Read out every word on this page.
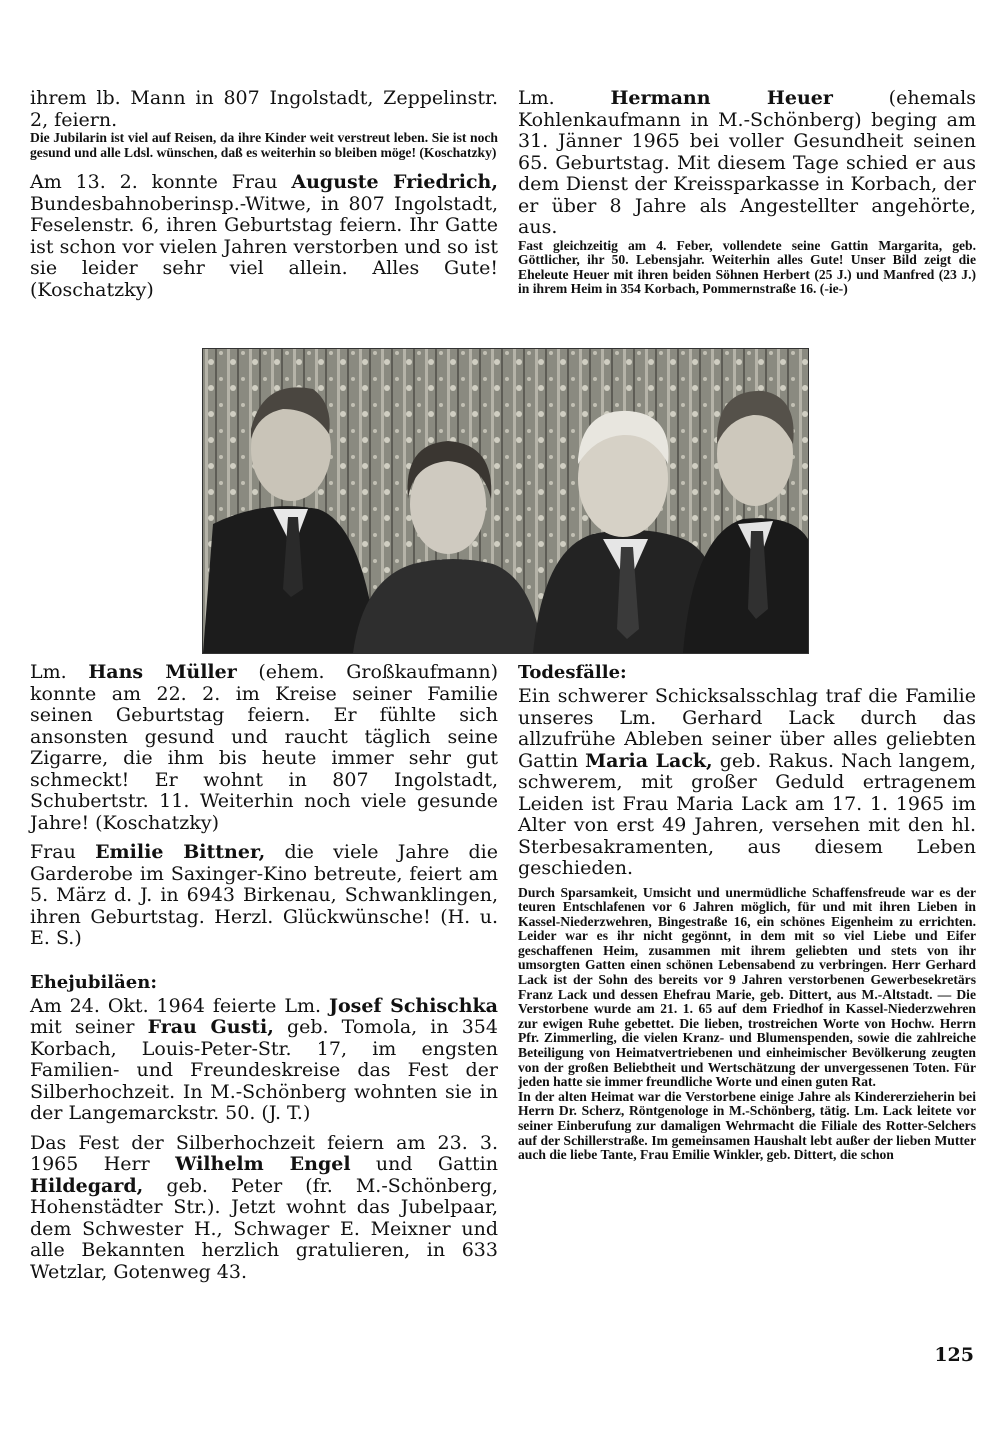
ihrem lb. Mann in 807 Ingolstadt, Zeppelinstr. 2, feiern.

Die Jubilarin ist viel auf Reisen, da ihre Kinder weit verstreut leben. Sie ist noch gesund und alle Ldsl. wünschen, daß es weiterhin so bleiben möge! (Koschatzky)

Am 13. 2. konnte Frau Auguste Friedrich, Bundesbahnoberinsp.-Witwe, in 807 Ingolstadt, Feselenstr. 6, ihren Geburtstag feiern. Ihr Gatte ist schon vor vielen Jahren verstorben und so ist sie leider sehr viel allein. Alles Gute! (Koschatzky)

Lm. Hermann Heuer (ehemals Kohlenkaufmann in M.-Schönberg) beging am 31. Jänner 1965 bei voller Gesundheit seinen 65. Geburtstag. Mit diesem Tage schied er aus dem Dienst der Kreissparkasse in Korbach, der er über 8 Jahre als Angestellter angehörte, aus.

Fast gleichzeitig am 4. Feber, vollendete seine Gattin Margarita, geb. Göttlicher, ihr 50. Lebensjahr. Weiterhin alles Gute! Unser Bild zeigt die Eheleute Heuer mit ihren beiden Söhnen Herbert (25 J.) und Manfred (23 J.) in ihrem Heim in 354 Korbach, Pommernstraße 16. (-ie-)

Lm. Hans Müller (ehem. Großkaufmann) konnte am 22. 2. im Kreise seiner Familie seinen Geburtstag feiern. Er fühlte sich ansonsten gesund und raucht täglich seine Zigarre, die ihm bis heute immer sehr gut schmeckt! Er wohnt in 807 Ingolstadt, Schubertstr. 11. Weiterhin noch viele gesunde Jahre! (Koschatzky)

Frau Emilie Bittner, die viele Jahre die Garderobe im Saxinger-Kino betreute, feiert am 5. März d. J. in 6943 Birkenau, Schwanklingen, ihren Geburtstag. Herzl. Glückwünsche! (H. u. E. S.)

Ehejubiläen:

Am 24. Okt. 1964 feierte Lm. Josef Schischka mit seiner Frau Gusti, geb. Tomola, in 354 Korbach, Louis-Peter-Str. 17, im engsten Familien- und Freundeskreise das Fest der Silberhochzeit. In M.-Schönberg wohnten sie in der Langemarckstr. 50. (J. T.)

Das Fest der Silberhochzeit feiern am 23. 3. 1965 Herr Wilhelm Engel und Gattin Hildegard, geb. Peter (fr. M.-Schönberg, Hohenstädter Str.). Jetzt wohnt das Jubelpaar, dem Schwester H., Schwager E. Meixner und alle Bekannten herzlich gratulieren, in 633 Wetzlar, Gotenweg 43.

Todesfälle:

Ein schwerer Schicksalsschlag traf die Familie unseres Lm. Gerhard Lack durch das allzufrühe Ableben seiner über alles geliebten Gattin Maria Lack, geb. Rakus. Nach langem, schwerem, mit großer Geduld ertragenem Leiden ist Frau Maria Lack am 17. 1. 1965 im Alter von erst 49 Jahren, versehen mit den hl. Sterbesakramenten, aus diesem Leben geschieden.

Durch Sparsamkeit, Umsicht und unermüdliche Schaffensfreude war es der teuren Entschlafenen vor 6 Jahren möglich, für und mit ihren Lieben in Kassel-Niederzwehren, Bingestraße 16, ein schönes Eigenheim zu errichten. Leider war es ihr nicht gegönnt, in dem mit so viel Liebe und Eifer geschaffenen Heim, zusammen mit ihrem geliebten und stets von ihr umsorgten Gatten einen schönen Lebensabend zu verbringen. Herr Gerhard Lack ist der Sohn des bereits vor 9 Jahren verstorbenen Gewerbesekretärs Franz Lack und dessen Ehefrau Marie, geb. Dittert, aus M.-Altstadt. — Die Verstorbene wurde am 21. 1. 65 auf dem Friedhof in Kassel-Niederzwehren zur ewigen Ruhe gebettet. Die lieben, trostreichen Worte von Hochw. Herrn Pfr. Zimmerling, die vielen Kranz- und Blumenspenden, sowie die zahlreiche Beteiligung von Heimatvertriebenen und einheimischer Bevölkerung zeugten von der großen Beliebtheit und Wertschätzung der unvergessenen Toten. Für jeden hatte sie immer freundliche Worte und einen guten Rat.

In der alten Heimat war die Verstorbene einige Jahre als Kindererzieherin bei Herrn Dr. Scherz, Röntgenologe in M.-Schönberg, tätig. Lm. Lack leitete vor seiner Einberufung zur damaligen Wehrmacht die Filiale des Rotter-Selchers auf der Schillerstraße. Im gemeinsamen Haushalt lebt außer der lieben Mutter auch die liebe Tante, Frau Emilie Winkler, geb. Dittert, die schon

125
